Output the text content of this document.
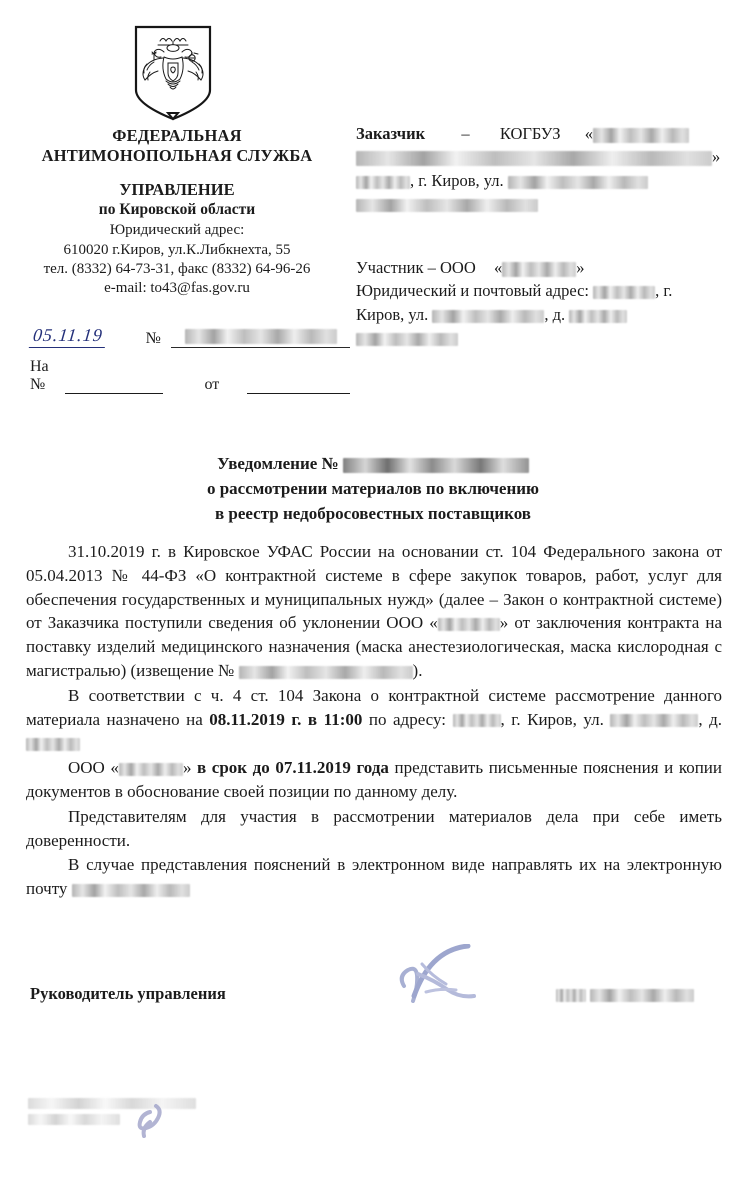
ФЕДЕРАЛЬНАЯ
АНТИМОНОПОЛЬНАЯ СЛУЖБА
УПРАВЛЕНИЕ
по Кировской области
Юридический адрес:
610020 г.Киров, ул.К.Либкнехта, 55
тел. (8332) 64-73-31, факс (8332) 64-96-26
e-mail: to43@fas.gov.ru
05.11.19	№
На №	от
Заказчик – КОГБУЗ «
»
, г. Киров, ул.
Участник – ООО «	»
Юридический и почтовый адрес:	, г.
Киров, ул.	, д.
Уведомление №
о рассмотрении материалов по включению
в реестр недобросовестных поставщиков

31.10.2019 г. в Кировское УФАС России на основании ст. 104 Федерального закона от 05.04.2013 № 44-ФЗ «О контрактной системе в сфере закупок товаров, работ, услуг для обеспечения государственных и муниципальных нужд» (далее – Закон о контрактной системе) от Заказчика поступили сведения об уклонении ООО «	» от заключения контракта на поставку изделий медицинского назначения (маска анестезиологическая, маска кислородная с магистралью) (извещение №	).

В соответствии с ч. 4 ст. 104 Закона о контрактной системе рассмотрение данного материала назначено на 08.11.2019 г. в 11:00 по адресу:	, г. Киров, ул.	, д.

ООО «	» в срок до 07.11.2019 года представить письменные пояснения и копии документов в обоснование своей позиции по данному делу.

Представителям для участия в рассмотрении материалов дела при себе иметь доверенности.

В случае представления пояснений в электронном виде направлять их на электронную почту

Руководитель управления
